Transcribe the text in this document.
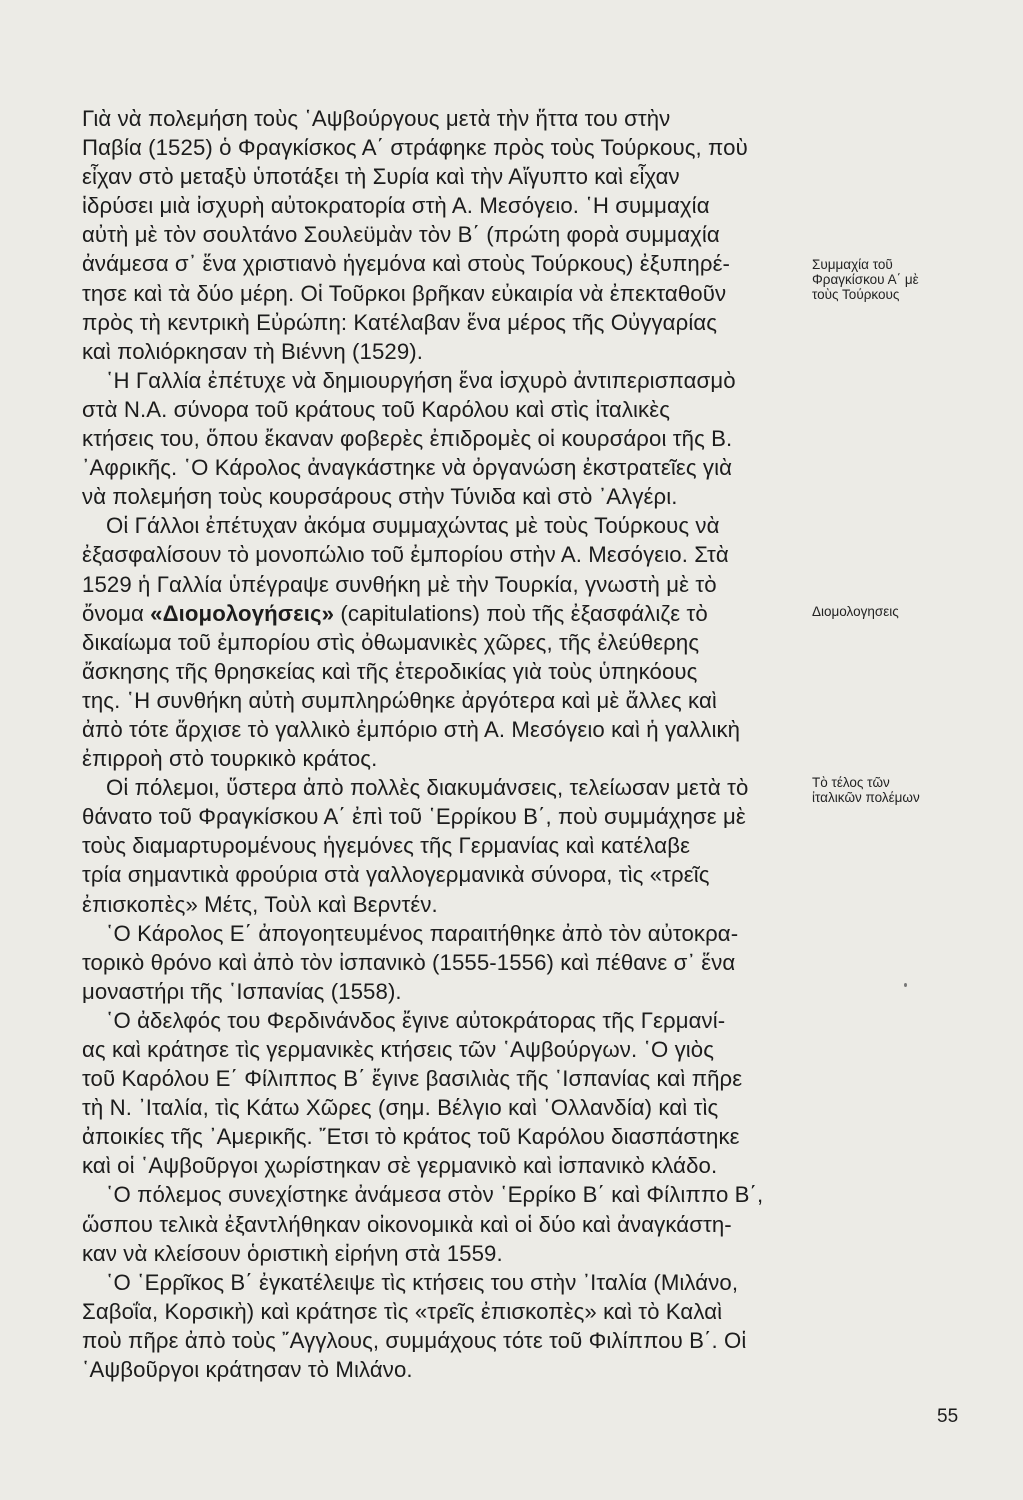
Γιὰ νὰ πολεμήση τοὺς ῾Αψβούργους μετὰ τὴν ἥττα του στὴν
Παβία (1525) ὁ Φραγκίσκος Α΄ στράφηκε πρὸς τοὺς Τούρκους, ποὺ
εἶχαν στὸ μεταξὺ ὑποτάξει τὴ Συρία καὶ τὴν Αἴγυπτο καὶ εἶχαν
ἱδρύσει μιὰ ἰσχυρὴ αὐτοκρατορία στὴ Α. Μεσόγειο. ῾Η συμμαχία
αὐτὴ μὲ τὸν σουλτάνο Σουλεϋμὰν τὸν Β΄ (πρώτη φορὰ συμμαχία
ἀνάμεσα σ᾽ ἕνα χριστιανὸ ἡγεμόνα καὶ στοὺς Τούρκους) ἐξυπηρέ-
τησε καὶ τὰ δύο μέρη. Οἱ Τοῦρκοι βρῆκαν εὐκαιρία νὰ ἐπεκταθοῦν
πρὸς τὴ κεντρικὴ Εὐρώπη: Κατέλαβαν ἕνα μέρος τῆς Οὐγγαρίας
καὶ πολιόρκησαν τὴ Βιέννη (1529).

῾Η Γαλλία ἐπέτυχε νὰ δημιουργήση ἕνα ἰσχυρὸ ἀντιπερισπασμὸ
στὰ Ν.Α. σύνορα τοῦ κράτους τοῦ Καρόλου καὶ στὶς ἰταλικὲς
κτήσεις του, ὅπου ἔκαναν φοβερὲς ἐπιδρομὲς οἱ κουρσάροι τῆς Β.
᾽Αφρικῆς. ῾Ο Κάρολος ἀναγκάστηκε νὰ ὀργανώση ἐκστρατεῖες γιὰ
νὰ πολεμήση τοὺς κουρσάρους στὴν Τύνιδα καὶ στὸ ᾽Αλγέρι.

Οἱ Γάλλοι ἐπέτυχαν ἀκόμα συμμαχώντας μὲ τοὺς Τούρκους νὰ
ἐξασφαλίσουν τὸ μονοπώλιο τοῦ ἐμπορίου στὴν Α. Μεσόγειο. Στὰ
1529 ἡ Γαλλία ὑπέγραψε συνθήκη μὲ τὴν Τουρκία, γνωστὴ μὲ τὸ
ὄνομα «Διομολογήσεις» (capitulations) ποὺ τῆς ἐξασφάλιζε τὸ
δικαίωμα τοῦ ἐμπορίου στὶς ὀθωμανικὲς χῶρες, τῆς ἐλεύθερης
ἄσκησης τῆς θρησκείας καὶ τῆς ἑτεροδικίας γιὰ τοὺς ὑπηκόους
της. ῾Η συνθήκη αὐτὴ συμπληρώθηκε ἀργότερα καὶ μὲ ἄλλες καὶ
ἀπὸ τότε ἄρχισε τὸ γαλλικὸ ἐμπόριο στὴ Α. Μεσόγειο καὶ ἡ γαλλικὴ
ἐπιρροὴ στὸ τουρκικὸ κράτος.

Οἱ πόλεμοι, ὕστερα ἀπὸ πολλὲς διακυμάνσεις, τελείωσαν μετὰ τὸ
θάνατο τοῦ Φραγκίσκου Α΄ ἐπὶ τοῦ ῾Ερρίκου Β΄, ποὺ συμμάχησε μὲ
τοὺς διαμαρτυρομένους ἡγεμόνες τῆς Γερμανίας καὶ κατέλαβε
τρία σημαντικὰ φρούρια στὰ γαλλογερμανικὰ σύνορα, τὶς «τρεῖς
ἐπισκοπὲς» Μέτς, Τοὺλ καὶ Βερντέν.

῾Ο Κάρολος Ε΄ ἀπογοητευμένος παραιτήθηκε ἀπὸ τὸν αὐτοκρα-
τορικὸ θρόνο καὶ ἀπὸ τὸν ἰσπανικὸ (1555-1556) καὶ πέθανε σ᾽ ἕνα
μοναστήρι τῆς ῾Ισπανίας (1558).

῾Ο ἀδελφός του Φερδινάνδος ἔγινε αὐτοκράτορας τῆς Γερμανί-
ας καὶ κράτησε τὶς γερμανικὲς κτήσεις τῶν ῾Αψβούργων. ῾Ο γιὸς
τοῦ Καρόλου Ε΄ Φίλιππος Β΄ ἔγινε βασιλιὰς τῆς ῾Ισπανίας καὶ πῆρε
τὴ Ν. ᾽Ιταλία, τὶς Κάτω Χῶρες (σημ. Βέλγιο καὶ ῾Ολλανδία) καὶ τὶς
ἀποικίες τῆς ᾽Αμερικῆς. ῎Ετσι τὸ κράτος τοῦ Καρόλου διασπάστηκε
καὶ οἱ ῾Αψβοῦργοι χωρίστηκαν σὲ γερμανικὸ καὶ ἰσπανικὸ κλάδο.

῾Ο πόλεμος συνεχίστηκε ἀνάμεσα στὸν ῾Ερρίκο Β΄ καὶ Φίλιππο Β΄,
ὥσπου τελικὰ ἐξαντλήθηκαν οἰκονομικὰ καὶ οἱ δύο καὶ ἀναγκάστη-
καν νὰ κλείσουν ὁριστικὴ εἰρήνη στὰ 1559.

῾Ο ῾Ερρῖκος Β΄ ἐγκατέλειψε τὶς κτήσεις του στὴν ᾽Ιταλία (Μιλάνο,
Σαβοΐα, Κορσικὴ) καὶ κράτησε τὶς «τρεῖς ἐπισκοπὲς» καὶ τὸ Καλαὶ
ποὺ πῆρε ἀπὸ τοὺς ῎Αγγλους, συμμάχους τότε τοῦ Φιλίππου Β΄. Οἱ
῾Αψβοῦργοι κράτησαν τὸ Μιλάνο.

Συμμαχία τοῦ
Φραγκίσκου Α΄ μὲ
τοὺς Τούρκους
Διομολογησεις
Τὸ τέλος τῶν
ἰταλικῶν πολέμων
55
